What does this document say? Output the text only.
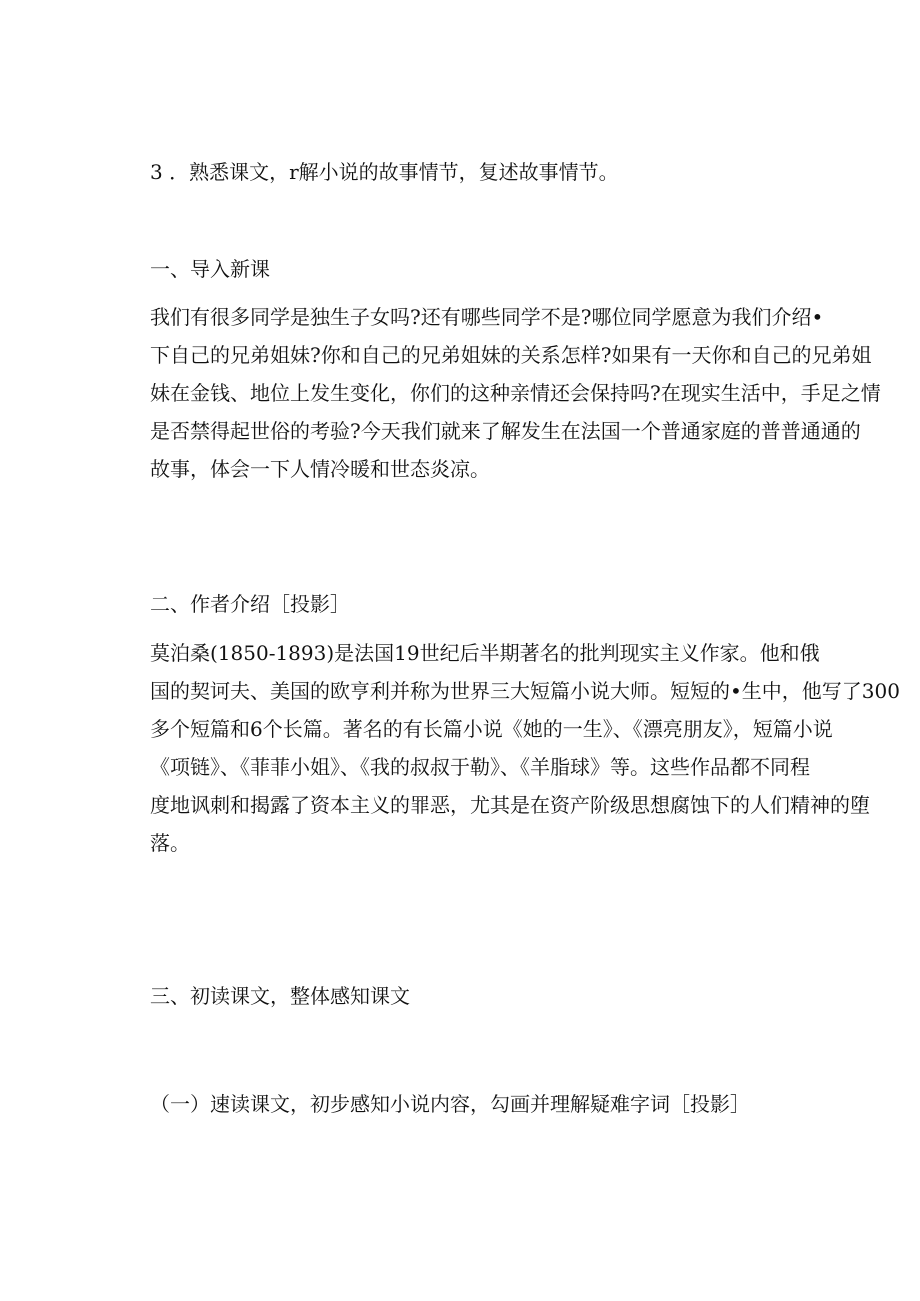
3 ．熟悉课文，r解小说的故事情节，复述故事情节。
一、导入新课
我们有很多同学是独生子女吗?还有哪些同学不是?哪位同学愿意为我们介绍•
下自己的兄弟姐妹?你和自己的兄弟姐妹的关系怎样?如果有一天你和自己的兄弟姐
妹在金钱、地位上发生变化，你们的这种亲情还会保持吗?在现实生活中，手足之情
是否禁得起世俗的考验?今天我们就来了解发生在法国一个普通家庭的普普通通的
故事，体会一下人情冷暖和世态炎凉。
二、作者介绍［投影］
莫泊桑(1850-1893)是法国19世纪后半期著名的批判现实主义作家。他和俄
国的契诃夫、美国的欧亨利并称为世界三大短篇小说大师。短短的•生中，他写了300
多个短篇和6个长篇。著名的有长篇小说《她的一生》、《漂亮朋友》，短篇小说
《项链》、《菲菲小姐》、《我的叔叔于勒》、《羊脂球》等。这些作品都不同程
度地讽刺和揭露了资本主义的罪恶，尤其是在资产阶级思想腐蚀下的人们精神的堕
落。
三、初读课文，整体感知课文
（一）速读课文，初步感知小说内容，勾画并理解疑难字词［投影］
